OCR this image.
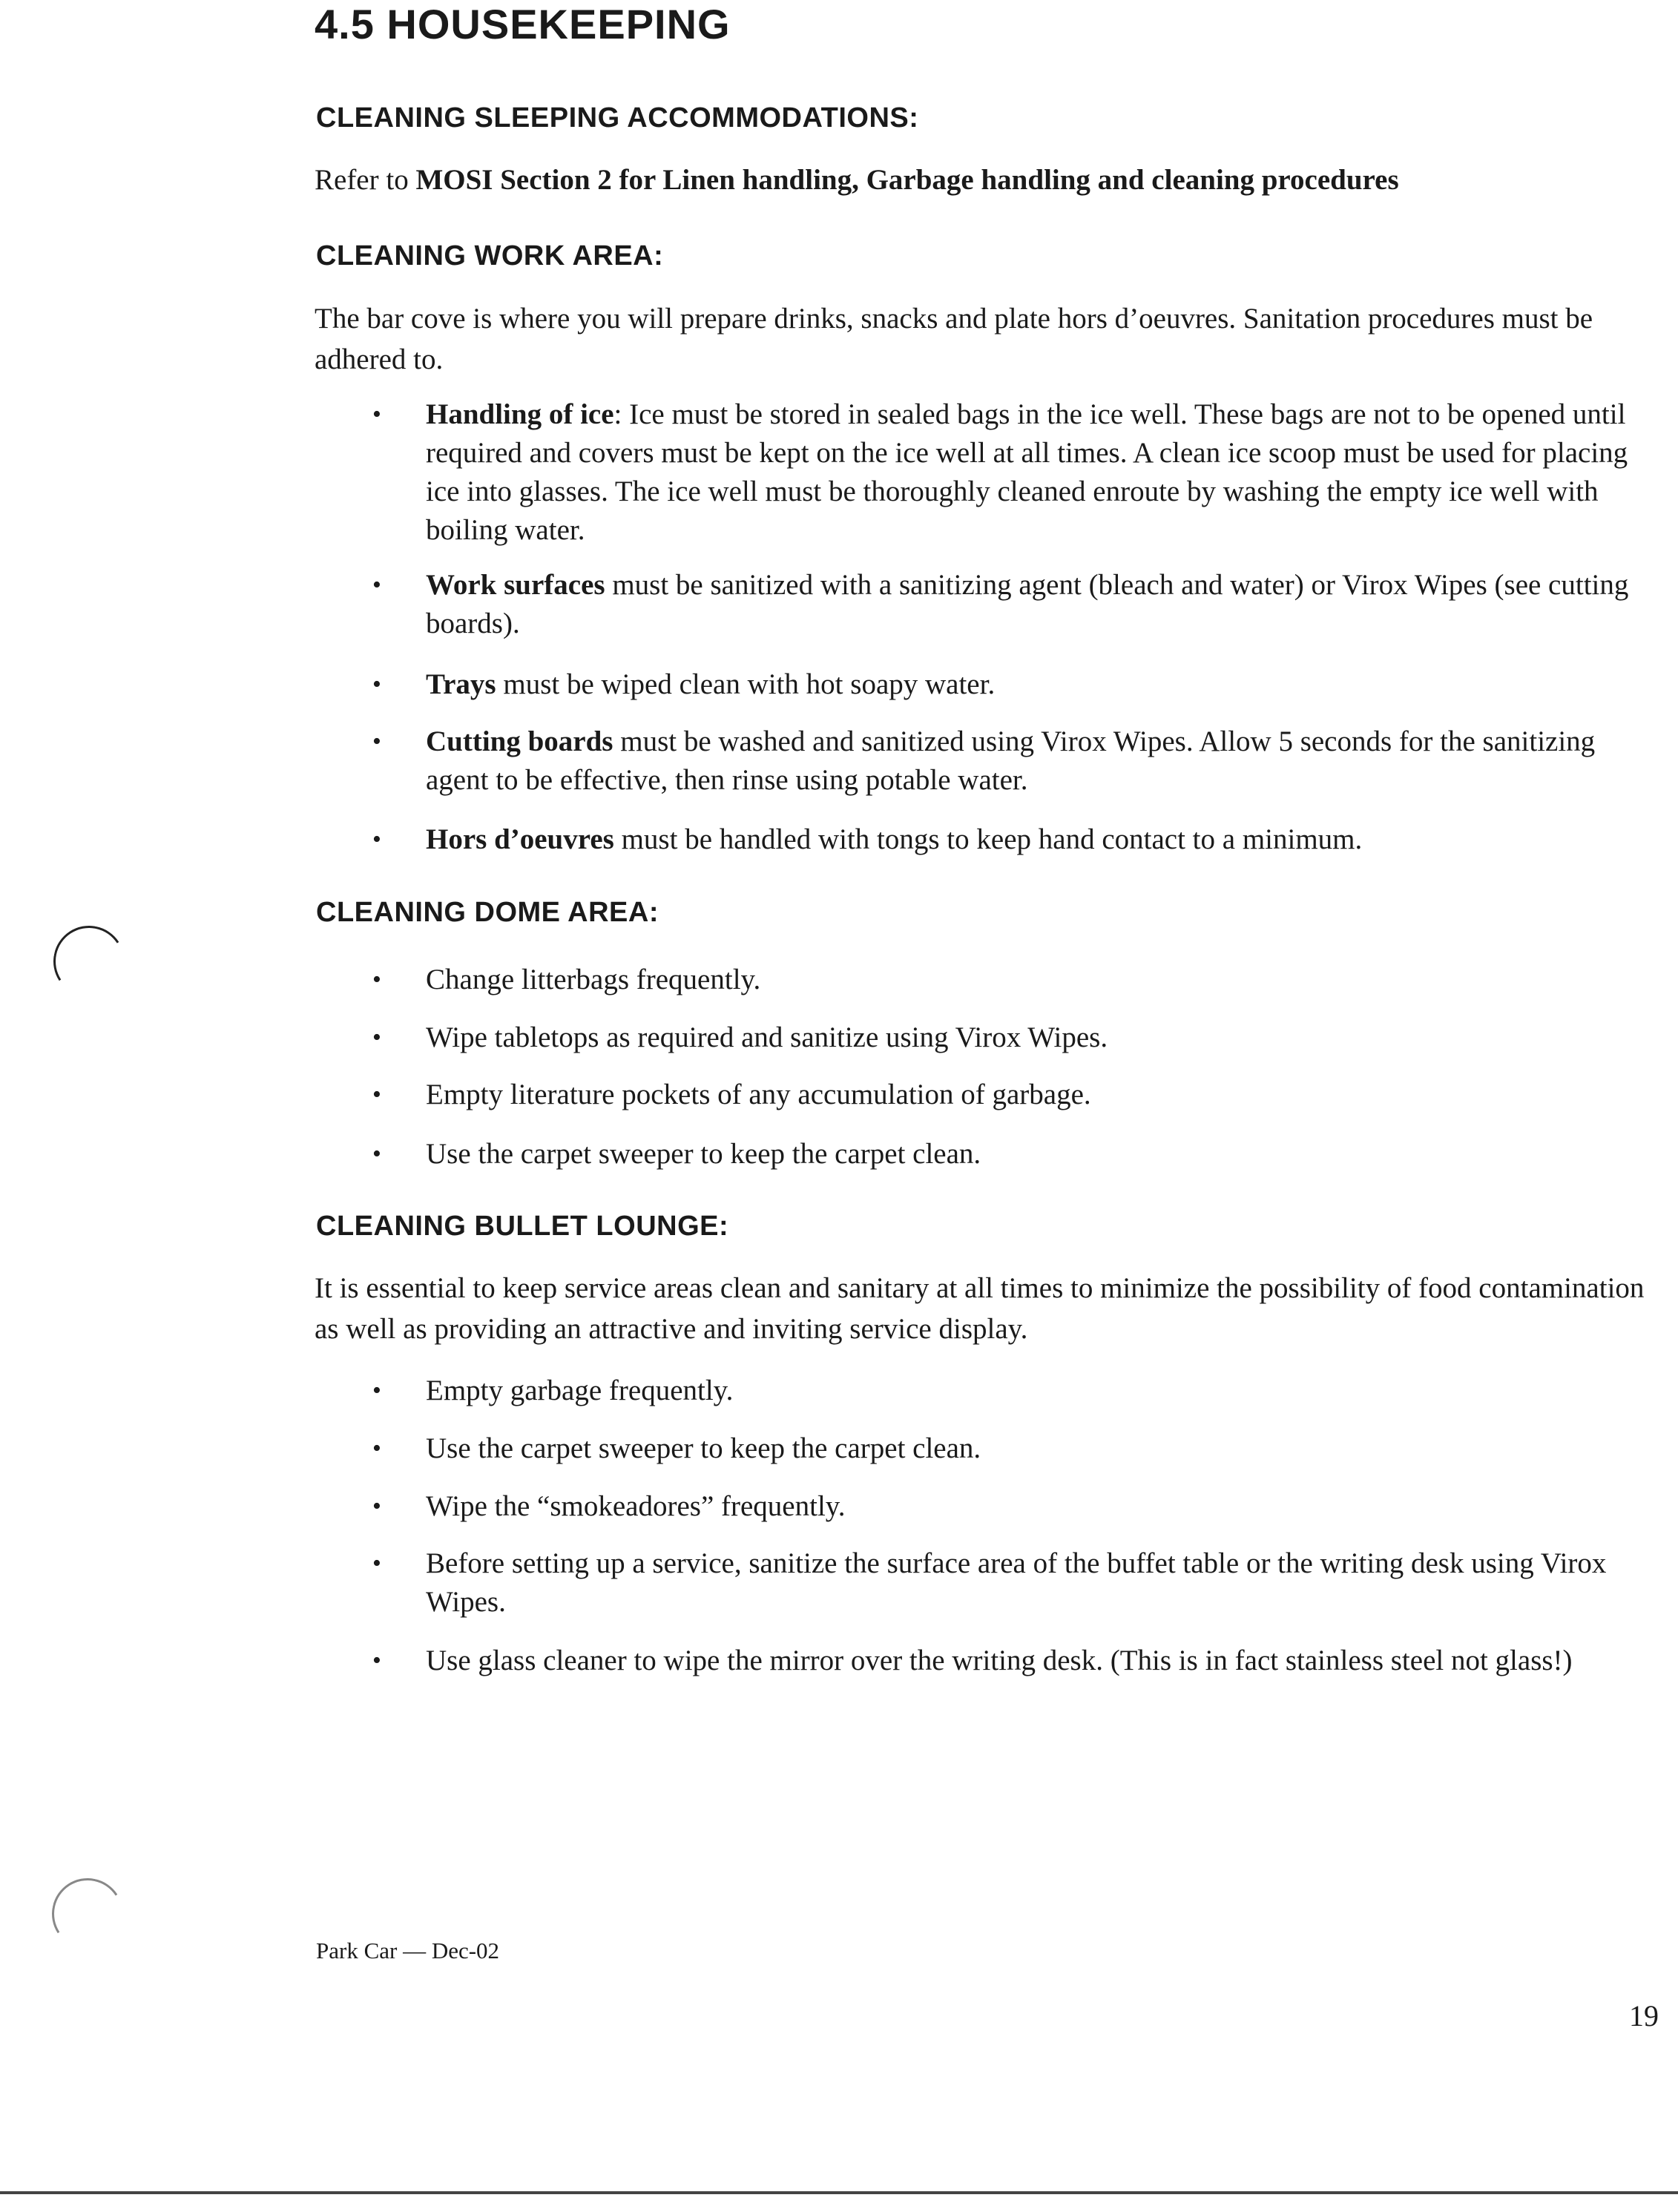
4.5 HOUSEKEEPING
CLEANING SLEEPING ACCOMMODATIONS:
Refer to MOSI Section 2 for Linen handling, Garbage handling and cleaning procedures
CLEANING WORK AREA:
The bar cove is where you will prepare drinks, snacks and plate hors d’oeuvres. Sanitation procedures must be adhered to.
• Handling of ice: Ice must be stored in sealed bags in the ice well. These bags are not to be opened until required and covers must be kept on the ice well at all times. A clean ice scoop must be used for placing ice into glasses. The ice well must be thoroughly cleaned enroute by washing the empty ice well with boiling water.
• Work surfaces must be sanitized with a sanitizing agent (bleach and water) or Virox Wipes (see cutting boards).
• Trays must be wiped clean with hot soapy water.
• Cutting boards must be washed and sanitized using Virox Wipes. Allow 5 seconds for the sanitizing agent to be effective, then rinse using potable water.
• Hors d’oeuvres must be handled with tongs to keep hand contact to a minimum.
CLEANING DOME AREA:
• Change litterbags frequently.
• Wipe tabletops as required and sanitize using Virox Wipes.
• Empty literature pockets of any accumulation of garbage.
• Use the carpet sweeper to keep the carpet clean.
CLEANING BULLET LOUNGE:
It is essential to keep service areas clean and sanitary at all times to minimize the possibility of food contamination as well as providing an attractive and inviting service display.
• Empty garbage frequently.
• Use the carpet sweeper to keep the carpet clean.
• Wipe the “smokeadores” frequently.
• Before setting up a service, sanitize the surface area of the buffet table or the writing desk using Virox Wipes.
• Use glass cleaner to wipe the mirror over the writing desk. (This is in fact stainless steel not glass!)
Park Car — Dec-02
19
